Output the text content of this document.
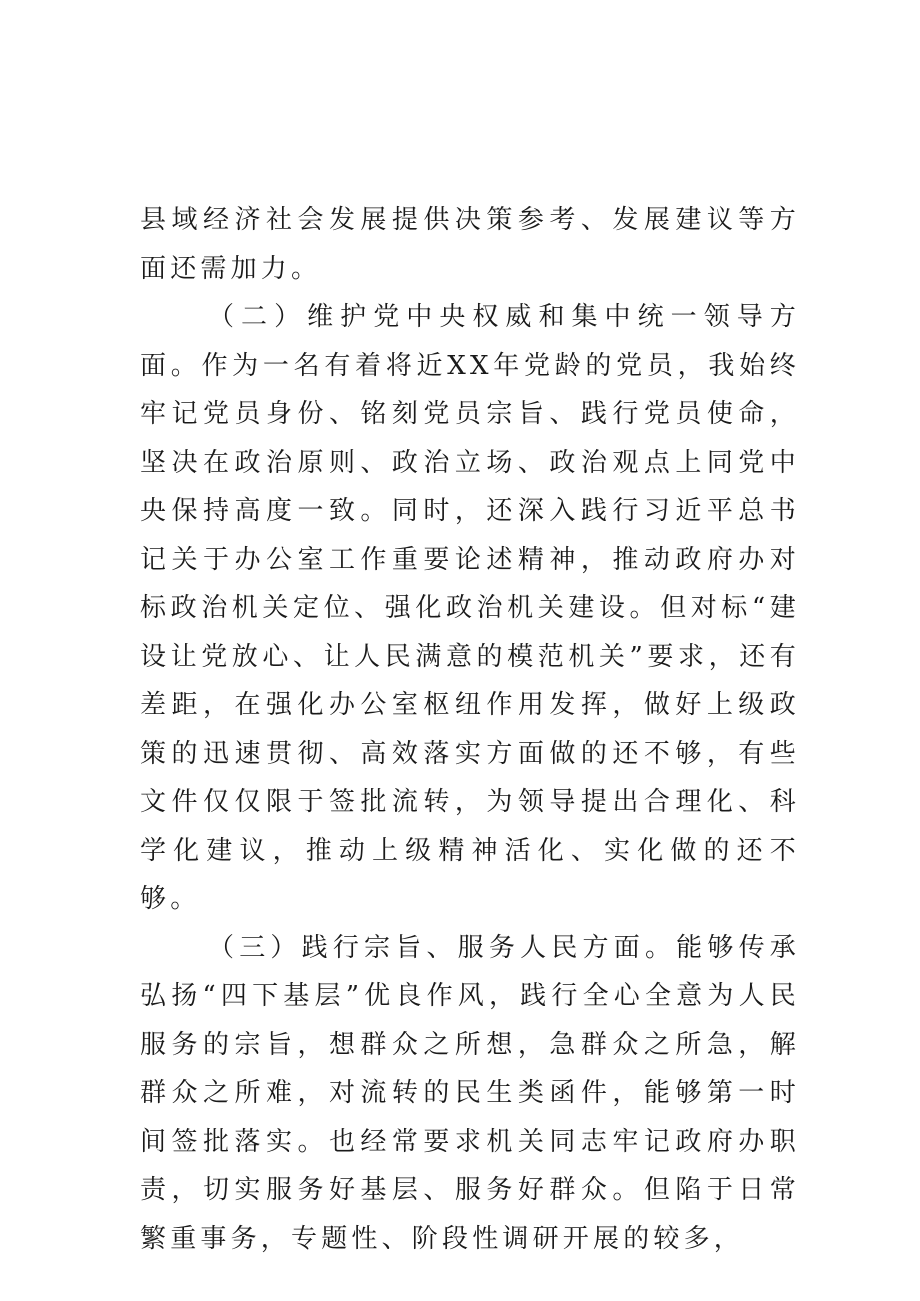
县域经济社会发展提供决策参考、发展建议等方面还需加力。

（二）维护党中央权威和集中统一领导方面。作为一名有着将近XX年党龄的党员，我始终牢记党员身份、铭刻党员宗旨、践行党员使命，坚决在政治原则、政治立场、政治观点上同党中央保持高度一致。同时，还深入践行习近平总书记关于办公室工作重要论述精神，推动政府办对标政治机关定位、强化政治机关建设。但对标“建设让党放心、让人民满意的模范机关”要求，还有差距，在强化办公室枢纽作用发挥，做好上级政策的迅速贯彻、高效落实方面做的还不够，有些文件仅仅限于签批流转，为领导提出合理化、科学化建议，推动上级精神活化、实化做的还不够。

（三）践行宗旨、服务人民方面。能够传承弘扬“四下基层”优良作风，践行全心全意为人民服务的宗旨，想群众之所想，急群众之所急，解群众之所难，对流转的民生类函件，能够第一时间签批落实。也经常要求机关同志牢记政府办职责，切实服务好基层、服务好群众。但陷于日常繁重事务，专题性、阶段性调研开展的较多，
